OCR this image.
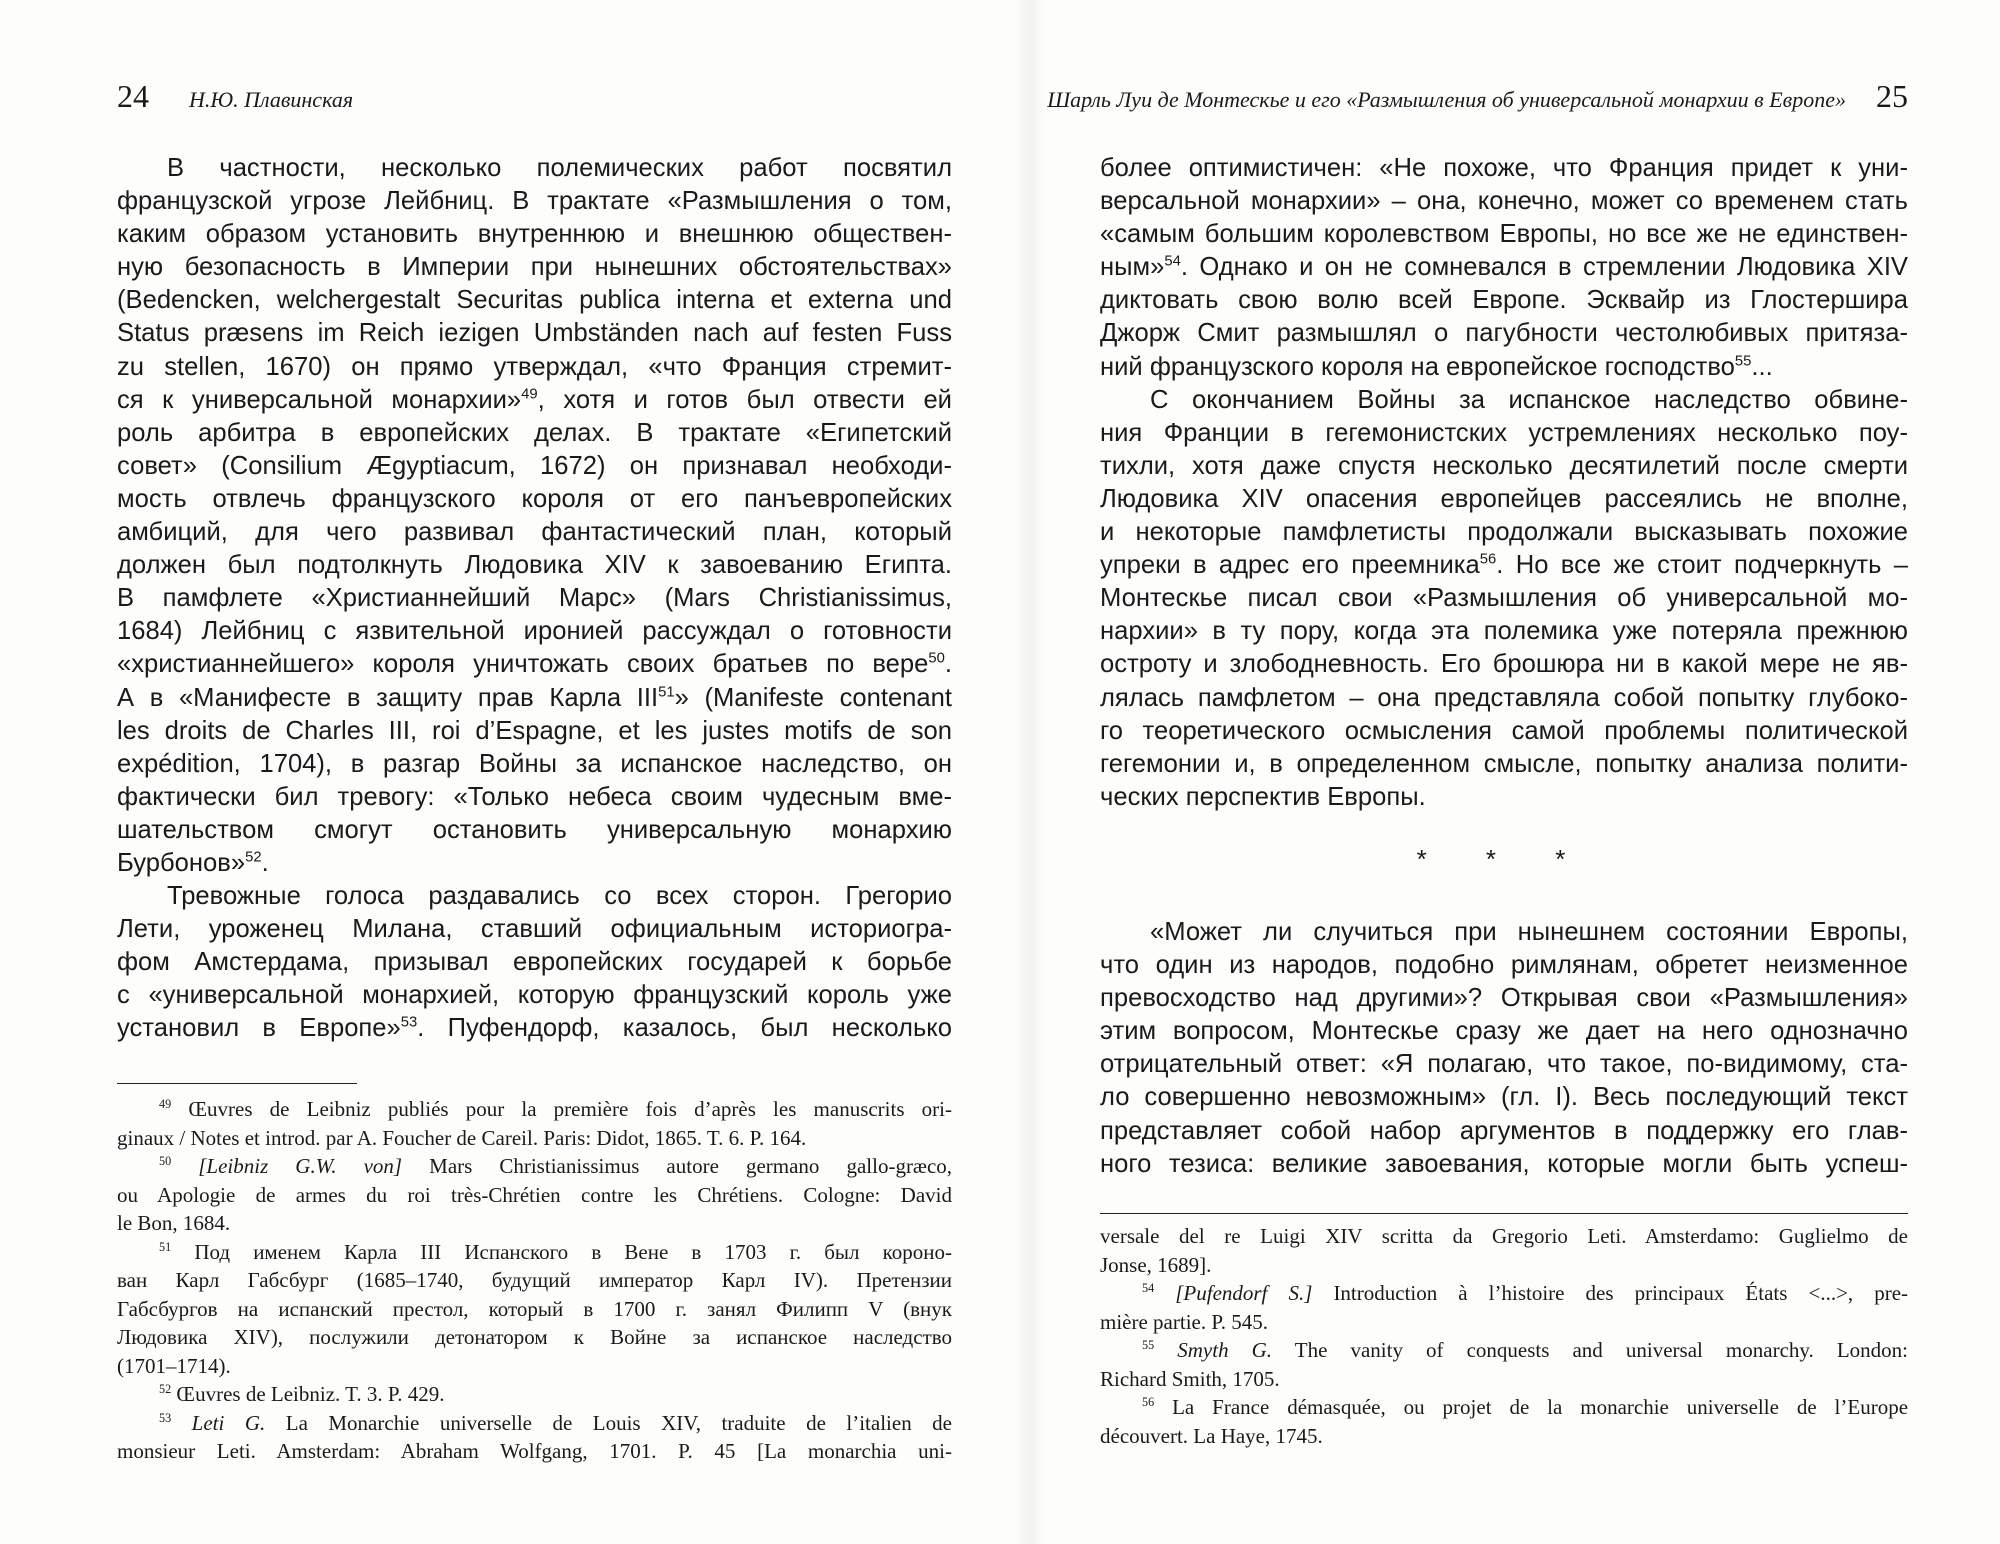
24 Н.Ю. Плавинская

В частности, несколько полемических работ посвятил
французской угрозе Лейбниц. В трактате «Размышления о том,
каким образом установить внутреннюю и внешнюю обществен-
ную безопасность в Империи при нынешних обстоятельствах»
(Bedencken, welchergestalt Securitas publica interna et externa und
Status præsens im Reich iezigen Umbständen nach auf festen Fuss
zu stellen, 1670) он прямо утверждал, «что Франция стремит-
ся к универсальной монархии»$^{49}$, хотя и готов был отвести ей
роль арбитра в европейских делах. В трактате «Египетский
совет» (Consilium Ægyptiacum, 1672) он признавал необходи-
мость отвлечь французского короля от его панъевропейских
амбиций, для чего развивал фантастический план, который
должен был подтолкнуть Людовика XIV к завоеванию Египта.
В памфлете «Христианнейший Марс» (Mars Christianissimus,
1684) Лейбниц с язвительной иронией рассуждал о готовности
«христианнейшего» короля уничтожать своих братьев по вере$^{50}$.
А в «Манифесте в защиту прав Карла III$^{51}$» (Manifeste contenant
les droits de Charles III, roi d’Espagne, et les justes motifs de son
expédition, 1704), в разгар Войны за испанское наследство, он
фактически бил тревогу: «Только небеса своим чудесным вме-
шательством смогут остановить универсальную монархию
Бурбонов»$^{52}$.

Тревожные голоса раздавались со всех сторон. Грегорио
Лети, уроженец Милана, ставший официальным историогра-
фом Амстердама, призывал европейских государей к борьбе
с «универсальной монархией, которую французский король уже
установил в Европе»$^{53}$. Пуфендорф, казалось, был несколько

$^{49}$ Œuvres de Leibniz publiés pour la première fois d’après les manuscrits ori-
ginaux / Notes et introd. par A. Foucher de Careil. Paris: Didot, 1865. T. 6. P. 164.
$^{50}$ [Leibniz G.W. von] Mars Christianissimus autore germano gallo-græco,
ou Apologie de armes du roi très-Chrétien contre les Chrétiens. Cologne: David
le Bon, 1684.
$^{51}$ Под именем Карла III Испанского в Вене в 1703 г. был короно-
ван Карл Габсбург (1685–1740, будущий император Карл IV). Претензии
Габсбургов на испанский престол, который в 1700 г. занял Филипп V (внук
Людовика XIV), послужили детонатором к Войне за испанское наследство
(1701–1714).
$^{52}$ Œuvres de Leibniz. T. 3. P. 429.
$^{53}$ Leti G. La Monarchie universelle de Louis XIV, traduite de l’italien de
monsieur Leti. Amsterdam: Abraham Wolfgang, 1701. P. 45 [La monarchia uni-
Шарль Луи де Монтескье и его «Размышления об универсальной монархии в Европе» 25

более оптимистичен: «Не похоже, что Франция придет к уни-
версальной монархии» – она, конечно, может со временем стать
«самым большим королевством Европы, но все же не единствен-
ным»$^{54}$. Однако и он не сомневался в стремлении Людовика XIV
диктовать свою волю всей Европе. Эсквайр из Глостершира
Джорж Смит размышлял о пагубности честолюбивых притяза-
ний французского короля на европейское господство$^{55}$...

С окончанием Войны за испанское наследство обвине-
ния Франции в гегемонистских устремлениях несколько поу-
тихли, хотя даже спустя несколько десятилетий после смерти
Людовика XIV опасения европейцев рассеялись не вполне,
и некоторые памфлетисты продолжали высказывать похожие
упреки в адрес его преемника$^{56}$. Но все же стоит подчеркнуть –
Монтескье писал свои «Размышления об универсальной мо-
нархии» в ту пору, когда эта полемика уже потеряла прежнюю
остроту и злободневность. Его брошюра ни в какой мере не яв-
лялась памфлетом – она представляла собой попытку глубоко-
го теоретического осмысления самой проблемы политической
гегемонии и, в определенном смысле, попытку анализа полити-
ческих перспектив Европы.

* * *

«Может ли случиться при нынешнем состоянии Европы,
что один из народов, подобно римлянам, обретет неизменное
превосходство над другими»? Открывая свои «Размышления»
этим вопросом, Монтескье сразу же дает на него однозначно
отрицательный ответ: «Я полагаю, что такое, по-видимому, ста-
ло совершенно невозможным» (гл. I). Весь последующий текст
представляет собой набор аргументов в поддержку его глав-
ного тезиса: великие завоевания, которые могли быть успеш-

versale del re Luigi XIV scritta da Gregorio Leti. Amsterdamo: Guglielmo de
Jonse, 1689].
$^{54}$ [Pufendorf S.] Introduction à l’histoire des principaux États <...>, pre-
mière partie. P. 545.
$^{55}$ Smyth G. The vanity of conquests and universal monarchy. London:
Richard Smith, 1705.
$^{56}$ La France démasquée, ou projet de la monarchie universelle de l’Europe
découvert. La Haye, 1745.
